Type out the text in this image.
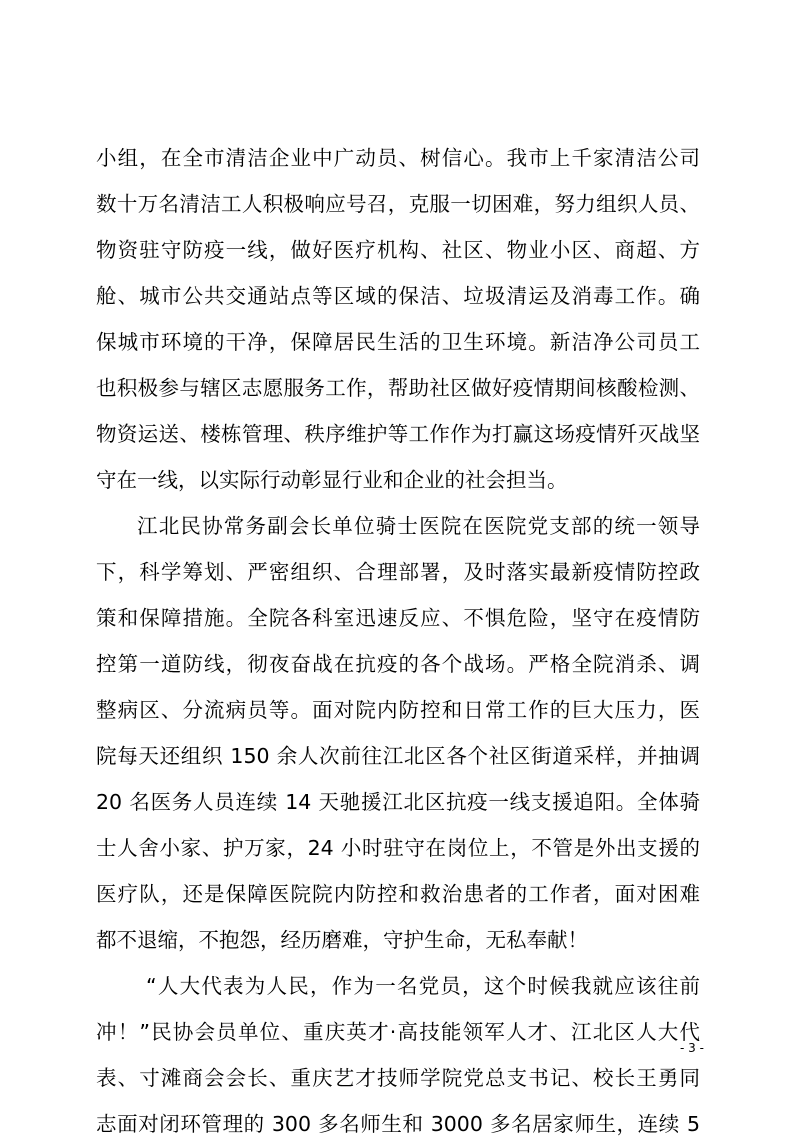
小组，在全市清洁企业中广动员、树信心。我市上千家清洁公司
数十万名清洁工人积极响应号召，克服一切困难，努力组织人员、
物资驻守防疫一线，做好医疗机构、社区、物业小区、商超、方
舱、城市公共交通站点等区域的保洁、垃圾清运及消毒工作。确
保城市环境的干净，保障居民生活的卫生环境。新洁净公司员工
也积极参与辖区志愿服务工作，帮助社区做好疫情期间核酸检测、
物资运送、楼栋管理、秩序维护等工作作为打赢这场疫情歼灭战坚
守在一线，以实际行动彰显行业和企业的社会担当。
江北民协常务副会长单位骑士医院在医院党支部的统一领导
下，科学筹划、严密组织、合理部署，及时落实最新疫情防控政
策和保障措施。全院各科室迅速反应、不惧危险，坚守在疫情防
控第一道防线，彻夜奋战在抗疫的各个战场。严格全院消杀、调
整病区、分流病员等。面对院内防控和日常工作的巨大压力，医
院每天还组织 150 余人次前往江北区各个社区街道采样，并抽调
20 名医务人员连续 14 天驰援江北区抗疫一线支援追阳。全体骑
士人舍小家、护万家，24 小时驻守在岗位上，不管是外出支援的
医疗队，还是保障医院院内防控和救治患者的工作者，面对困难
都不退缩，不抱怨，经历磨难，守护生命，无私奉献！
“人大代表为人民，作为一名党员，这个时候我就应该往前
冲！”民协会员单位、重庆英才·高技能领军人才、江北区人大代
表、寸滩商会会长、重庆艺才技师学院党总支书记、校长王勇同
志面对闭环管理的 300 多名师生和 3000 多名居家师生，连续 5
- 3 -
